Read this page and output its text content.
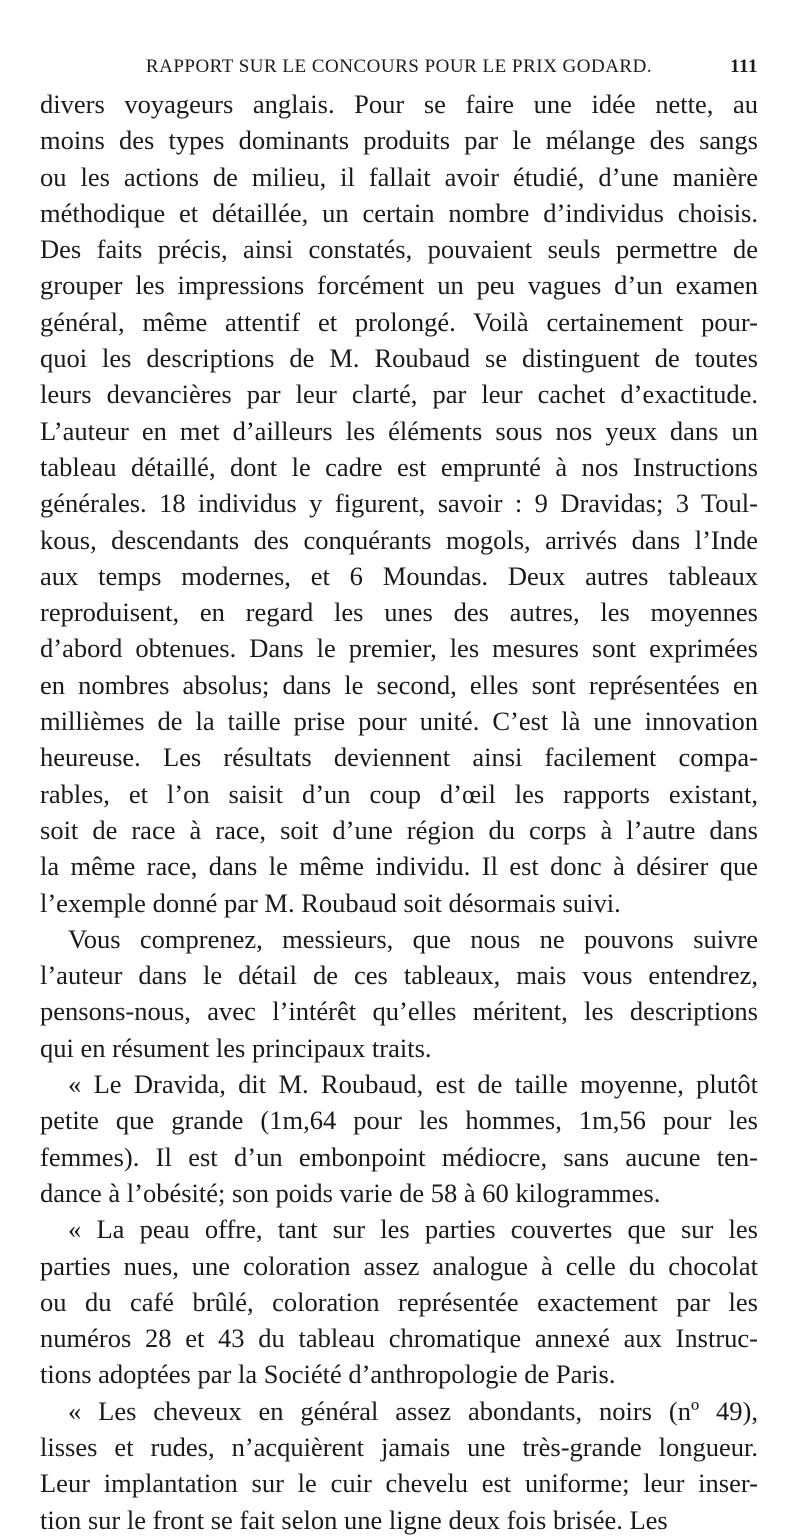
RAPPORT SUR LE CONCOURS POUR LE PRIX GODARD.	111
divers voyageurs anglais. Pour se faire une idée nette, au
moins des types dominants produits par le mélange des sangs
ou les actions de milieu, il fallait avoir étudié, d’une manière
méthodique et détaillée, un certain nombre d’individus choisis.
Des faits précis, ainsi constatés, pouvaient seuls permettre de
grouper les impressions forcément un peu vagues d’un examen
général, même attentif et prolongé. Voilà certainement pour-
quoi les descriptions de M. Roubaud se distinguent de toutes
leurs devancières par leur clarté, par leur cachet d’exactitude.
L’auteur en met d’ailleurs les éléments sous nos yeux dans un
tableau détaillé, dont le cadre est emprunté à nos Instructions
générales. 18 individus y figurent, savoir : 9 Dravidas; 3 Toul-
kous, descendants des conquérants mogols, arrivés dans l’Inde
aux temps modernes, et 6 Moundas. Deux autres tableaux
reproduisent, en regard les unes des autres, les moyennes
d’abord obtenues. Dans le premier, les mesures sont exprimées
en nombres absolus; dans le second, elles sont représentées en
millièmes de la taille prise pour unité. C’est là une innovation
heureuse. Les résultats deviennent ainsi facilement compa-
rables, et l’on saisit d’un coup d’œil les rapports existant,
soit de race à race, soit d’une région du corps à l’autre dans
la même race, dans le même individu. Il est donc à désirer que
l’exemple donné par M. Roubaud soit désormais suivi.
Vous comprenez, messieurs, que nous ne pouvons suivre
l’auteur dans le détail de ces tableaux, mais vous entendrez,
pensons-nous, avec l’intérêt qu’elles méritent, les descriptions
qui en résument les principaux traits.
« Le Dravida, dit M. Roubaud, est de taille moyenne, plutôt
petite que grande (1m,64 pour les hommes, 1m,56 pour les
femmes). Il est d’un embonpoint médiocre, sans aucune ten-
dance à l’obésité; son poids varie de 58 à 60 kilogrammes.
« La peau offre, tant sur les parties couvertes que sur les
parties nues, une coloration assez analogue à celle du chocolat
ou du café brûlé, coloration représentée exactement par les
numéros 28 et 43 du tableau chromatique annexé aux Instruc-
tions adoptées par la Société d’anthropologie de Paris.
« Les cheveux en général assez abondants, noirs (nº 49),
lisses et rudes, n’acquièrent jamais une très-grande longueur.
Leur implantation sur le cuir chevelu est uniforme; leur inser-
tion sur le front se fait selon une ligne deux fois brisée. Les
